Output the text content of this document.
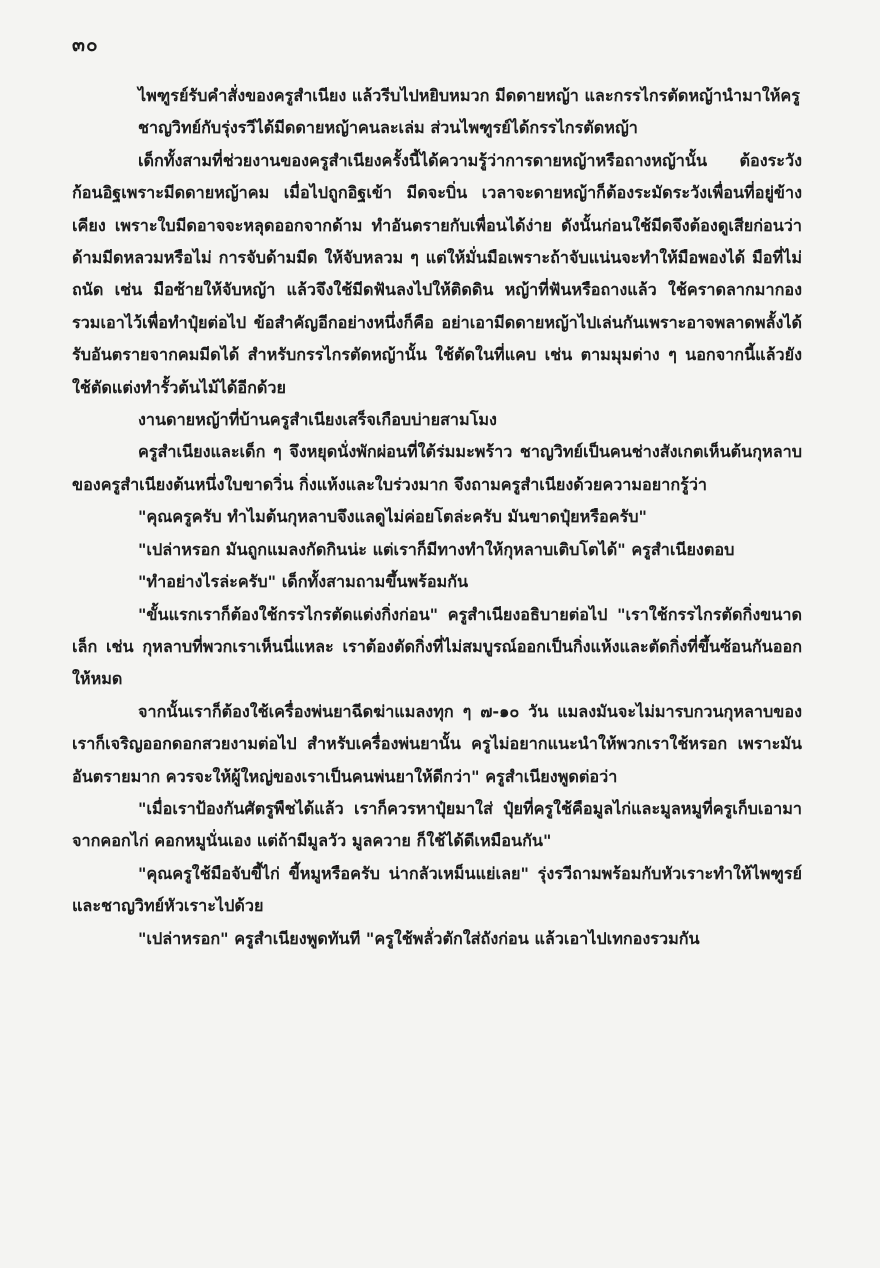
๓๐

ไพฑูรย์รับคำสั่งของครูสำเนียง แล้วรีบไปหยิบหมวก มีดดายหญ้า และกรรไกรตัดหญ้านำมาให้ครู

ชาญวิทย์กับรุ่งรวีได้มีดดายหญ้าคนละเล่ม ส่วนไพฑูรย์ได้กรรไกรตัดหญ้า

เด็กทั้งสามที่ช่วยงานของครูสำเนียงครั้งนี้ได้ความรู้ว่าการดายหญ้าหรือถางหญ้านั้น ต้องระวังก้อนอิฐเพราะมีดดายหญ้าคม เมื่อไปถูกอิฐเข้า มีดจะบิ่น เวลาจะดายหญ้าก็ต้องระมัดระวังเพื่อนที่อยู่ข้างเคียง เพราะใบมีดอาจจะหลุดออกจากด้าม ทำอันตรายกับเพื่อนได้ง่าย ดังนั้นก่อนใช้มีดจึงต้องดูเสียก่อนว่าด้ามมีดหลวมหรือไม่ การจับด้ามมีด ให้จับหลวม ๆ แต่ให้มั่นมือเพราะถ้าจับแน่นจะทำให้มือพองได้ มือที่ไม่ถนัด เช่น มือซ้ายให้จับหญ้า แล้วจึงใช้มีดฟันลงไปให้ติดดิน หญ้าที่ฟันหรือถางแล้ว ใช้คราดลากมากองรวมเอาไว้เพื่อทำปุ๋ยต่อไป ข้อสำคัญอีกอย่างหนึ่งก็คือ อย่าเอามีดดายหญ้าไปเล่นกันเพราะอาจพลาดพลั้งได้รับอันตรายจากคมมีดได้ สำหรับกรรไกรตัดหญ้านั้น ใช้ตัดในที่แคบ เช่น ตามมุมต่าง ๆ นอกจากนี้แล้วยังใช้ตัดแต่งทำรั้วต้นไม้ได้อีกด้วย

งานดายหญ้าที่บ้านครูสำเนียงเสร็จเกือบบ่ายสามโมง

ครูสำเนียงและเด็ก ๆ จึงหยุดนั่งพักผ่อนที่ใต้ร่มมะพร้าว ชาญวิทย์เป็นคนช่างสังเกตเห็นต้นกุหลาบของครูสำเนียงต้นหนึ่งใบขาดวิ่น กิ่งแห้งและใบร่วงมาก จึงถามครูสำเนียงด้วยความอยากรู้ว่า

"คุณครูครับ ทำไมต้นกุหลาบจึงแลดูไม่ค่อยโตล่ะครับ มันขาดปุ๋ยหรือครับ"

"เปล่าหรอก มันถูกแมลงกัดกินน่ะ แต่เราก็มีทางทำให้กุหลาบเติบโตได้" ครูสำเนียงตอบ

"ทำอย่างไรล่ะครับ" เด็กทั้งสามถามขึ้นพร้อมกัน

"ขั้นแรกเราก็ต้องใช้กรรไกรตัดแต่งกิ่งก่อน" ครูสำเนียงอธิบายต่อไป "เราใช้กรรไกรตัดกิ่งขนาดเล็ก เช่น กุหลาบที่พวกเราเห็นนี่แหละ เราต้องตัดกิ่งที่ไม่สมบูรณ์ออกเป็นกิ่งแห้งและตัดกิ่งที่ขึ้นซ้อนกันออกให้หมด

จากนั้นเราก็ต้องใช้เครื่องพ่นยาฉีดฆ่าแมลงทุก ๆ ๗-๑๐ วัน แมลงมันจะไม่มารบกวนกุหลาบของเราก็เจริญออกดอกสวยงามต่อไป สำหรับเครื่องพ่นยานั้น ครูไม่อยากแนะนำให้พวกเราใช้หรอก เพราะมันอันตรายมาก ควรจะให้ผู้ใหญ่ของเราเป็นคนพ่นยาให้ดีกว่า" ครูสำเนียงพูดต่อว่า

"เมื่อเราป้องกันศัตรูพืชได้แล้ว เราก็ควรหาปุ๋ยมาใส่ ปุ๋ยที่ครูใช้คือมูลไก่และมูลหมูที่ครูเก็บเอามาจากคอกไก่ คอกหมูนั่นเอง แต่ถ้ามีมูลวัว มูลควาย ก็ใช้ได้ดีเหมือนกัน"

"คุณครูใช้มือจับขี้ไก่ ขี้หมูหรือครับ น่ากลัวเหม็นแย่เลย" รุ่งรวีถามพร้อมกับหัวเราะทำให้ไพฑูรย์และชาญวิทย์หัวเราะไปด้วย

"เปล่าหรอก" ครูสำเนียงพูดทันที "ครูใช้พลั่วตักใส่ถังก่อน แล้วเอาไปเทกองรวมกัน
